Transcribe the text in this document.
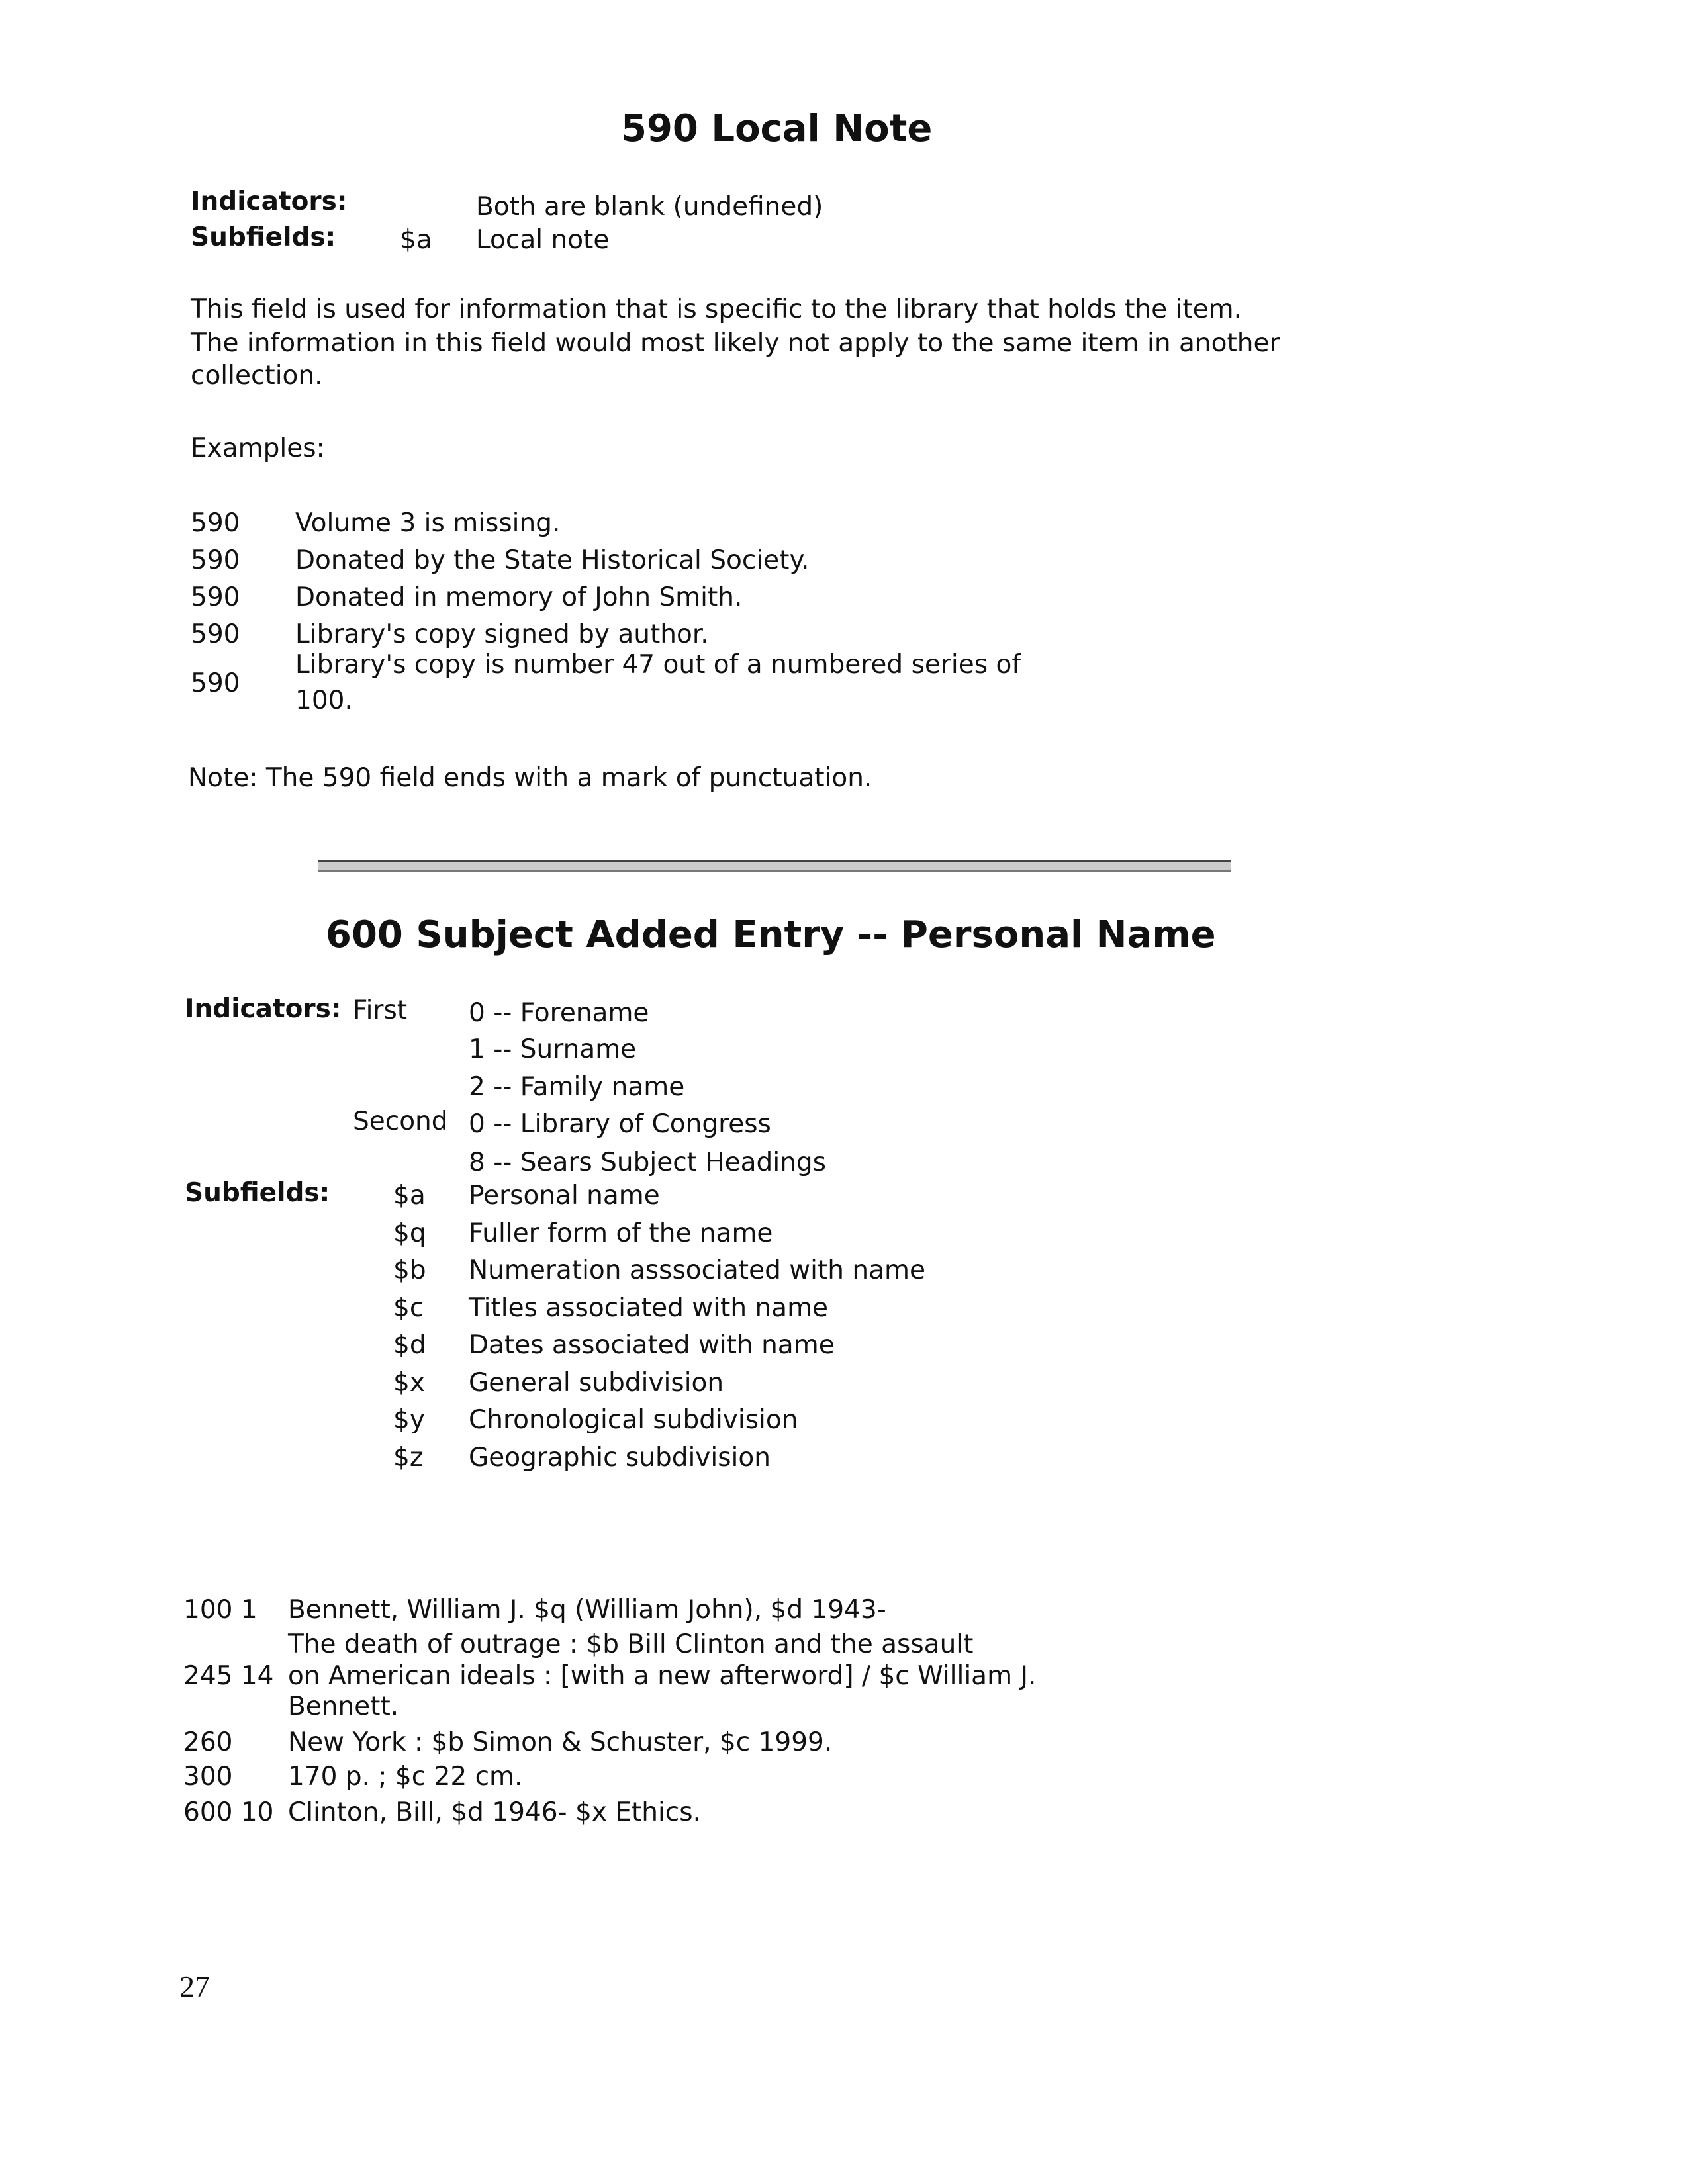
590 Local Note
Indicators:	Both are blank (undefined)
Subfields: $a Local note
This field is used for information that is specific to the library that holds the item.
The information in this field would most likely not apply to the same item in another
collection.
Examples:
590 Volume 3 is missing.
590 Donated by the State Historical Society.
590 Donated in memory of John Smith.
590 Library's copy signed by author.
590
Library's copy is number 47 out of a numbered series of
100.
Note: The 590 field ends with a mark of punctuation.
600 Subject Added Entry -- Personal Name
Indicators: First
Second
0 -- Forename
1 -- Surname
2 -- Family name
0 -- Library of Congress
8 -- Sears Subject Headings
Subfields: $a Personal name
$q Fuller form of the name
$b Numeration asssociated with name
$c Titles associated with name
$d Dates associated with name
$x General subdivision
$y Chronological subdivision
$z Geographic subdivision
100 1 Bennett, William J. $q (William John), $d 1943-
The death of outrage : $b Bill Clinton and the assault
245 14 on American ideals : [with a new afterword] / $c William J.
Bennett.
260 New York : $b Simon & Schuster, $c 1999.
300 170 p. ; $c 22 cm.
600 10 Clinton, Bill, $d 1946- $x Ethics.
27
